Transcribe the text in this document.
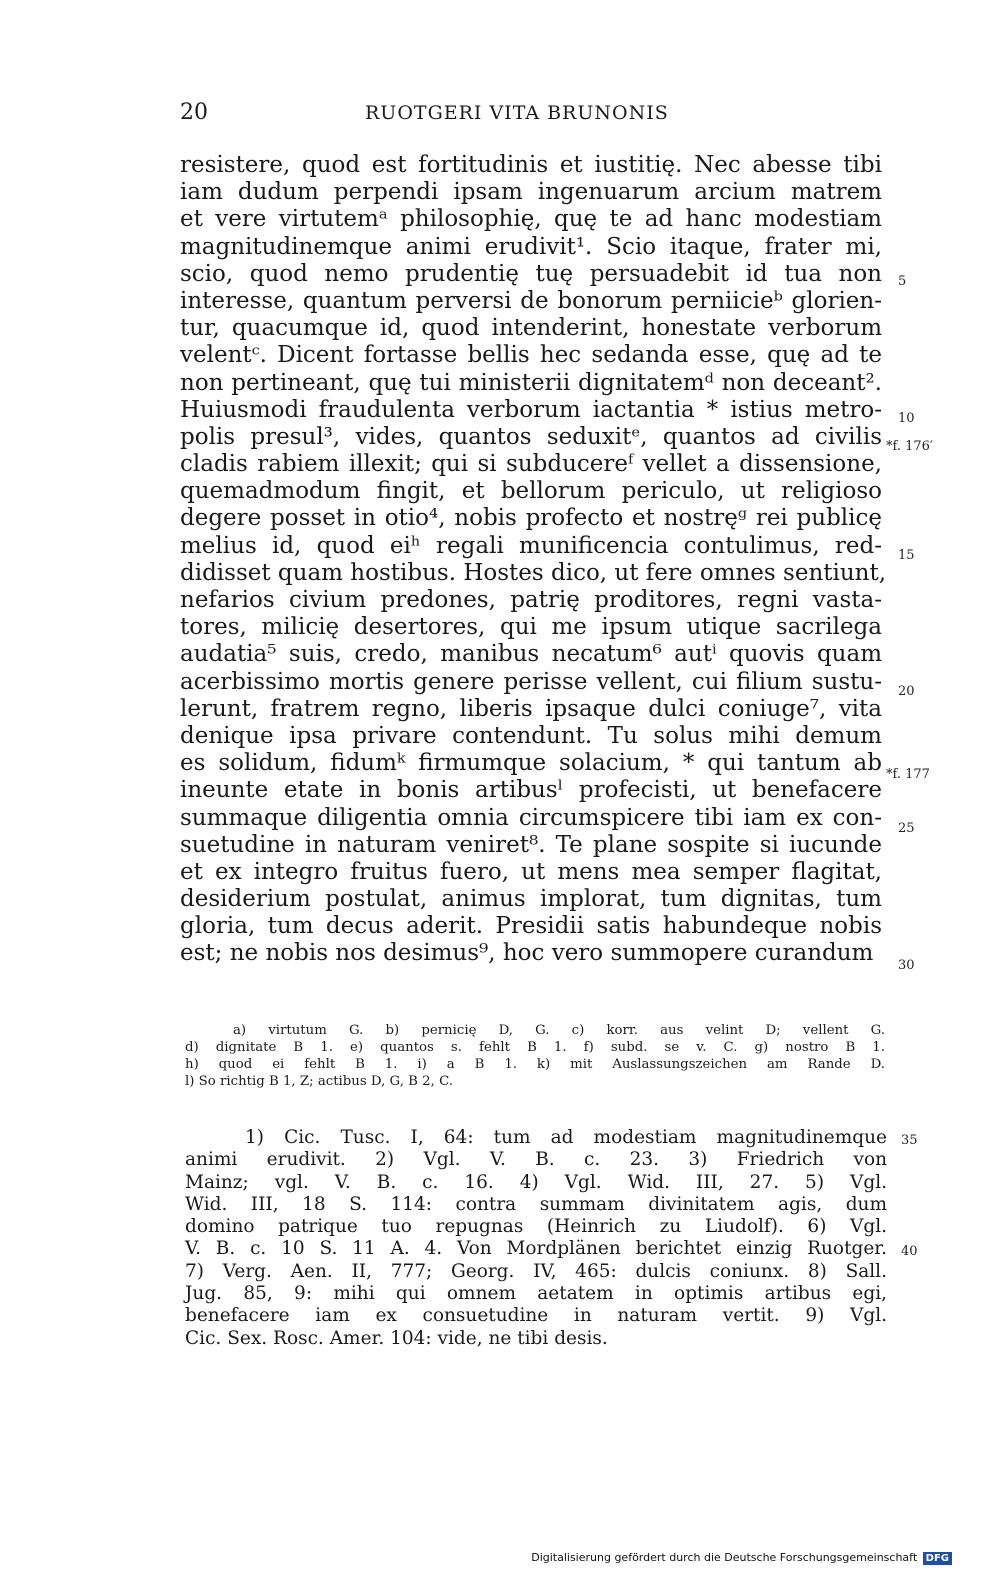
20	RUOTGERI VITA BRUNONIS
resistere, quod est fortitudinis et iustitię. Nec abesse tibi
iam dudum perpendi ipsam ingenuarum arcium matrem
et vere virtutemᵃ philosophię, quę te ad hanc modestiam
magnitudinemque animi erudivit¹. Scio itaque, frater mi,
scio, quod nemo prudentię tuę persuadebit id tua non
interesse, quantum perversi de bonorum perniicieᵇ glorien-
tur, quacumque id, quod intenderint, honestate verborum
velentᶜ. Dicent fortasse bellis hec sedanda esse, quę ad te
non pertineant, quę tui ministerii dignitatemᵈ non deceant².
Huiusmodi fraudulenta verborum iactantia * istius metro-
polis presul³, vides, quantos seduxitᵉ, quantos ad civilis
cladis rabiem illexit; qui si subducereᶠ vellet a dissensione,
quemadmodum fingit, et bellorum periculo, ut religioso
degere posset in otio⁴, nobis profecto et nostręᵍ rei publicę
melius id, quod eiʰ regali munificencia contulimus, red-
didisset quam hostibus. Hostes dico, ut fere omnes sentiunt,
nefarios civium predones, patrię proditores, regni vasta-
tores, milicię desertores, qui me ipsum utique sacrilega
audatia⁵ suis, credo, manibus necatum⁶ autⁱ quovis quam
acerbissimo mortis genere perisse vellent, cui filium sustu-
lerunt, fratrem regno, liberis ipsaque dulci coniuge⁷, vita
denique ipsa privare contendunt. Tu solus mihi demum
es solidum, fidumᵏ firmumque solacium, * qui tantum ab
ineunte etate in bonis artibusˡ profecisti, ut benefacere
summaque diligentia omnia circumspicere tibi iam ex con-
suetudine in naturam veniret⁸. Te plane sospite si iucunde
et ex integro fruitus fuero, ut mens mea semper flagitat,
desiderium postulat, animus implorat, tum dignitas, tum
gloria, tum decus aderit. Presidii satis habundeque nobis
est; ne nobis nos desimus⁹, hoc vero summopere curandum
5
10
15
20
25
30
35
40
*f. 176′
*f. 177
a) virtutum G. b) pernicię D, G. c) korr. aus velint D; vellent G.
d) dignitate B 1. e) quantos s. fehlt B 1. f) subd. se v. C. g) nostro B 1.
h) quod ei fehlt B 1. i) a B 1. k) mit Auslassungszeichen am Rande D.
l) So richtig B 1, Z; actibus D, G, B 2, C.
1) Cic. Tusc. I, 64: tum ad modestiam magnitudinemque
animi erudivit. 2) Vgl. V. B. c. 23. 3) Friedrich von
Mainz; vgl. V. B. c. 16. 4) Vgl. Wid. III, 27. 5) Vgl.
Wid. III, 18 S. 114: contra summam divinitatem agis, dum
domino patrique tuo repugnas (Heinrich zu Liudolf). 6) Vgl.
V. B. c. 10 S. 11 A. 4. Von Mordplänen berichtet einzig Ruotger.
7) Verg. Aen. II, 777; Georg. IV, 465: dulcis coniunx. 8) Sall.
Jug. 85, 9: mihi qui omnem aetatem in optimis artibus egi,
benefacere iam ex consuetudine in naturam vertit. 9) Vgl.
Cic. Sex. Rosc. Amer. 104: vide, ne tibi desis.
Digitalisierung gefördert durch die Deutsche Forschungsgemeinschaft DFG
